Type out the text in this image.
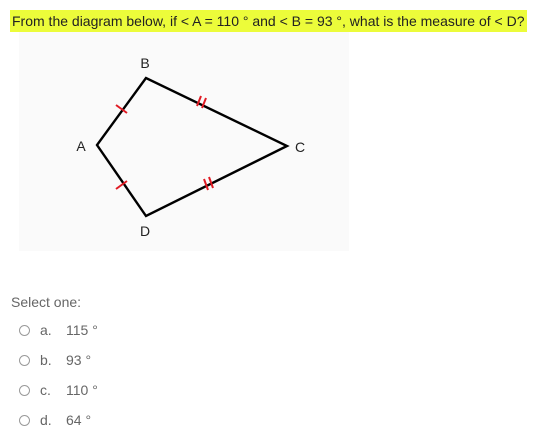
From the diagram below, if < A = 110 ° and < B = 93 °, what is the measure of < D?
B
A	C
D
Select one:
a.	115 °
b.	93 °
c.	110 °
d.	64 °
